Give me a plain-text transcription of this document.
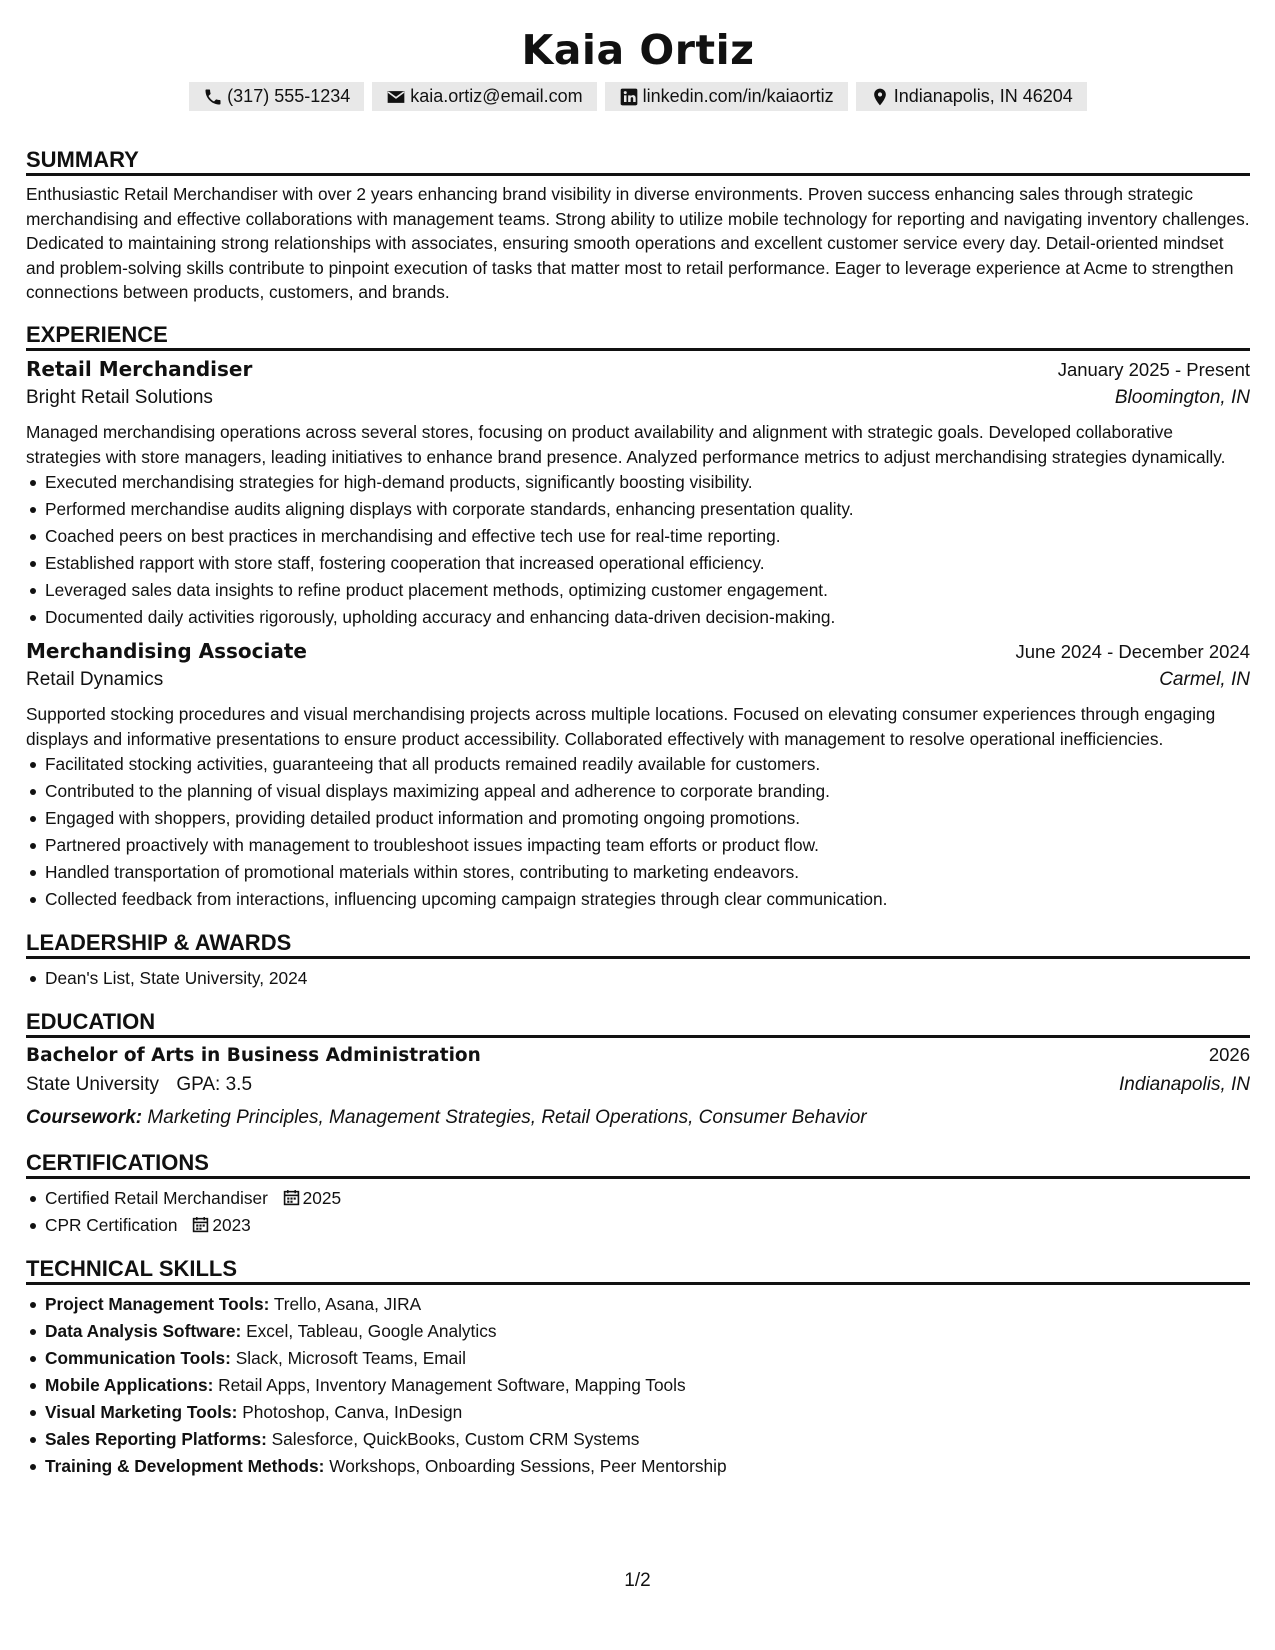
Kaia Ortiz
(317) 555-1234	kaia.ortiz@email.com	linkedin.com/in/kaiaortiz	Indianapolis, IN 46204
SUMMARY
Enthusiastic Retail Merchandiser with over 2 years enhancing brand visibility in diverse environments. Proven success enhancing sales through strategic merchandising and effective collaborations with management teams. Strong ability to utilize mobile technology for reporting and navigating inventory challenges. Dedicated to maintaining strong relationships with associates, ensuring smooth operations and excellent customer service every day. Detail-oriented mindset and problem-solving skills contribute to pinpoint execution of tasks that matter most to retail performance. Eager to leverage experience at Acme to strengthen connections between products, customers, and brands.
EXPERIENCE
Retail Merchandiser	January 2025 - Present
Bright Retail Solutions	Bloomington, IN
Managed merchandising operations across several stores, focusing on product availability and alignment with strategic goals. Developed collaborative strategies with store managers, leading initiatives to enhance brand presence. Analyzed performance metrics to adjust merchandising strategies dynamically.
Executed merchandising strategies for high-demand products, significantly boosting visibility.
Performed merchandise audits aligning displays with corporate standards, enhancing presentation quality.
Coached peers on best practices in merchandising and effective tech use for real-time reporting.
Established rapport with store staff, fostering cooperation that increased operational efficiency.
Leveraged sales data insights to refine product placement methods, optimizing customer engagement.
Documented daily activities rigorously, upholding accuracy and enhancing data-driven decision-making.
Merchandising Associate	June 2024 - December 2024
Retail Dynamics	Carmel, IN
Supported stocking procedures and visual merchandising projects across multiple locations. Focused on elevating consumer experiences through engaging displays and informative presentations to ensure product accessibility. Collaborated effectively with management to resolve operational inefficiencies.
Facilitated stocking activities, guaranteeing that all products remained readily available for customers.
Contributed to the planning of visual displays maximizing appeal and adherence to corporate branding.
Engaged with shoppers, providing detailed product information and promoting ongoing promotions.
Partnered proactively with management to troubleshoot issues impacting team efforts or product flow.
Handled transportation of promotional materials within stores, contributing to marketing endeavors.
Collected feedback from interactions, influencing upcoming campaign strategies through clear communication.
LEADERSHIP & AWARDS
Dean's List, State University, 2024
EDUCATION
Bachelor of Arts in Business Administration	2026
State University GPA: 3.5	Indianapolis, IN
Coursework: Marketing Principles, Management Strategies, Retail Operations, Consumer Behavior
CERTIFICATIONS
Certified Retail Merchandiser 2025
CPR Certification 2023
TECHNICAL SKILLS
Project Management Tools: Trello, Asana, JIRA
Data Analysis Software: Excel, Tableau, Google Analytics
Communication Tools: Slack, Microsoft Teams, Email
Mobile Applications: Retail Apps, Inventory Management Software, Mapping Tools
Visual Marketing Tools: Photoshop, Canva, InDesign
Sales Reporting Platforms: Salesforce, QuickBooks, Custom CRM Systems
Training & Development Methods: Workshops, Onboarding Sessions, Peer Mentorship
1/2
